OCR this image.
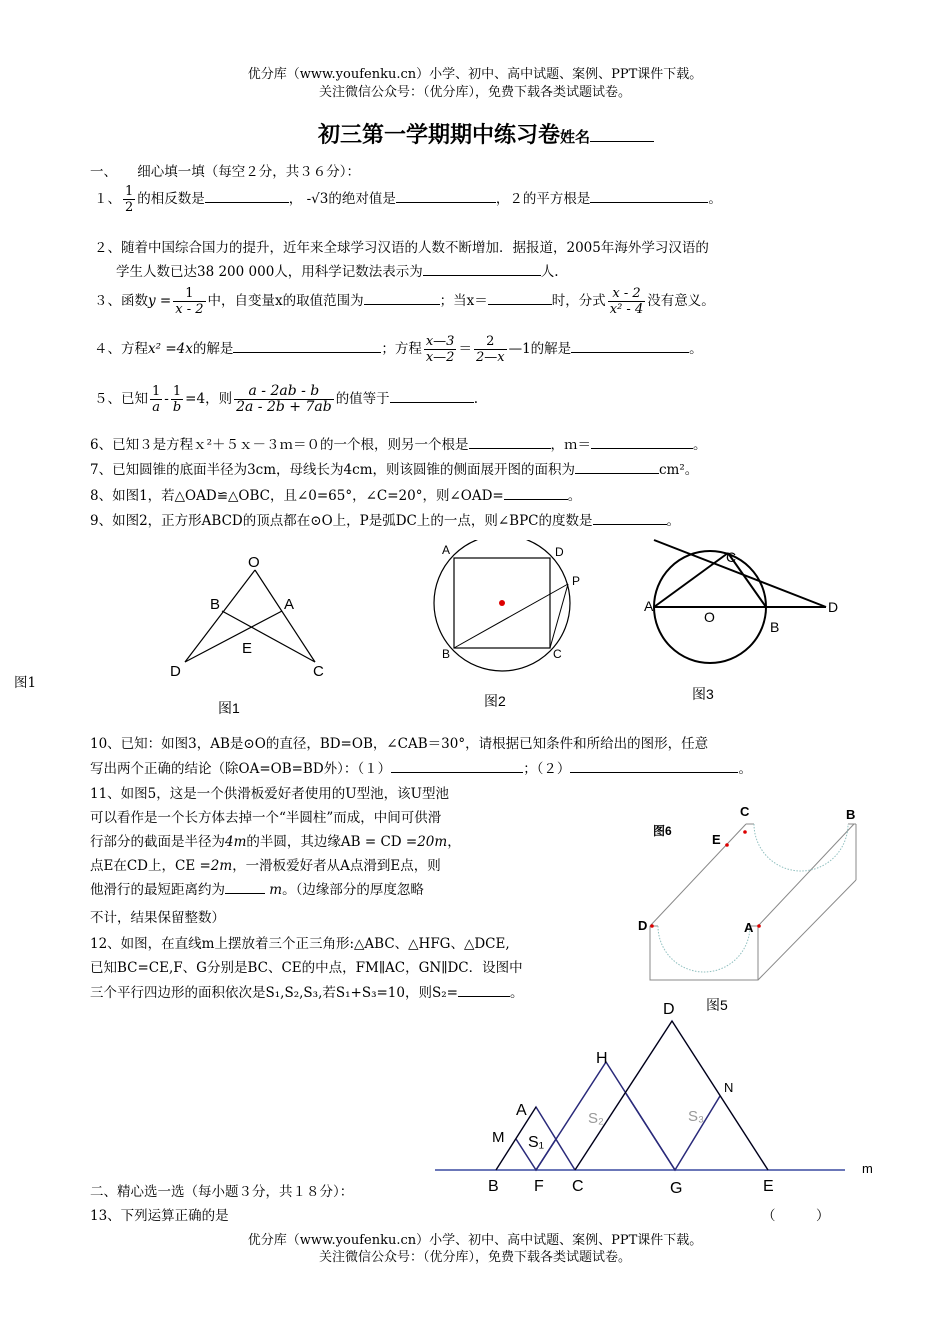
优分库（www.youfenku.cn）小学、初中、高中试题、案例、PPT课件下载。
关注微信公众号：（优分库），免费下载各类试题试卷。
初三第一学期期中练习卷姓名
一、　　细心填一填（每空２分，共３６分）：
１、 $\frac{1}{2}$ 的相反数是	， -√3的绝对值是	，２的平方根是	。
２、随着中国综合国力的提升，近年来全球学习汉语的人数不断增加．据报道，2005年海外学习汉语的
学生人数已达38 200 000人，用科学记数法表示为	人.
３、函数$y = \frac{1}{x - 2}$ 中，自变量x的取值范围为	；当x＝	时，分式 $\frac{x - 2}{\text{x² - 4}}$ 没有意义。
４、方程x² =4x的解是	；方程 $\frac{x—3}{x—2} = \frac{2}{2—x}$ —1的解是	。
５、已知 $\frac{1}{a} - \frac{1}{b} =4$，则 $\frac{a - 2ab - b}{2a - 2b + 7ab}$ 的值等于	.
6、已知３是方程ｘ²＋５ｘ－３ｍ＝０的一个根，则另一个根是	，ｍ＝	。
7、已知圆锥的底面半径为3cm，母线长为4cm，则该圆锥的侧面展开图的面积为	cm²。
8、如图1，若△OAD≌△OBC，且∠0=65°，∠C=20°，则∠OAD=	。
9、如图2，正方形ABCD的顶点都在⊙O上，P是弧DC上的一点，则∠BPC的度数是	。
图1
O
B	A
E
D	C
图1
A	D
P
B	C
图2
C
A
O
D
B
图3
10、已知：如图3，AB是⊙O的直径，BD=OB，∠CAB＝30°，请根据已知条件和所给出的图形，任意
写出两个正确的结论（除OA=OB=BD外）：（１）	；（２）	。
11、如图5，这是一个供滑板爱好者使用的U型池，该U型池
可以看作是一个长方体去掉一个“半圆柱”而成，中间可供滑
行部分的截面是半径为4m的半圆，其边缘AB = CD =20m，
点E在CD上，CE =2m，一滑板爱好者从A点滑到E点，则
他滑行的最短距离约为	m。（边缘部分的厚度忽略
不计，结果保留整数）
图6
C	B
E
D	A
图5
12、如图，在直线m上摆放着三个正三角形:△ABC、△HFG、△DCE,
已知BC=CE,F、G分别是BC、CE的中点，FM∥AC，GN∥DC．设图中
三个平行四边形的面积依次是S₁,S₂,S₃,若S₁+S₃=10，则S₂=	。
D
H
N
A	S₂	S₃
M S₁
B F C	G	E
m
二、精心选一选（每小题３分，共１８分）：
13、下列运算正确的是	（　　　）
优分库（www.youfenku.cn）小学、初中、高中试题、案例、PPT课件下载。
关注微信公众号：（优分库），免费下载各类试题试卷。
